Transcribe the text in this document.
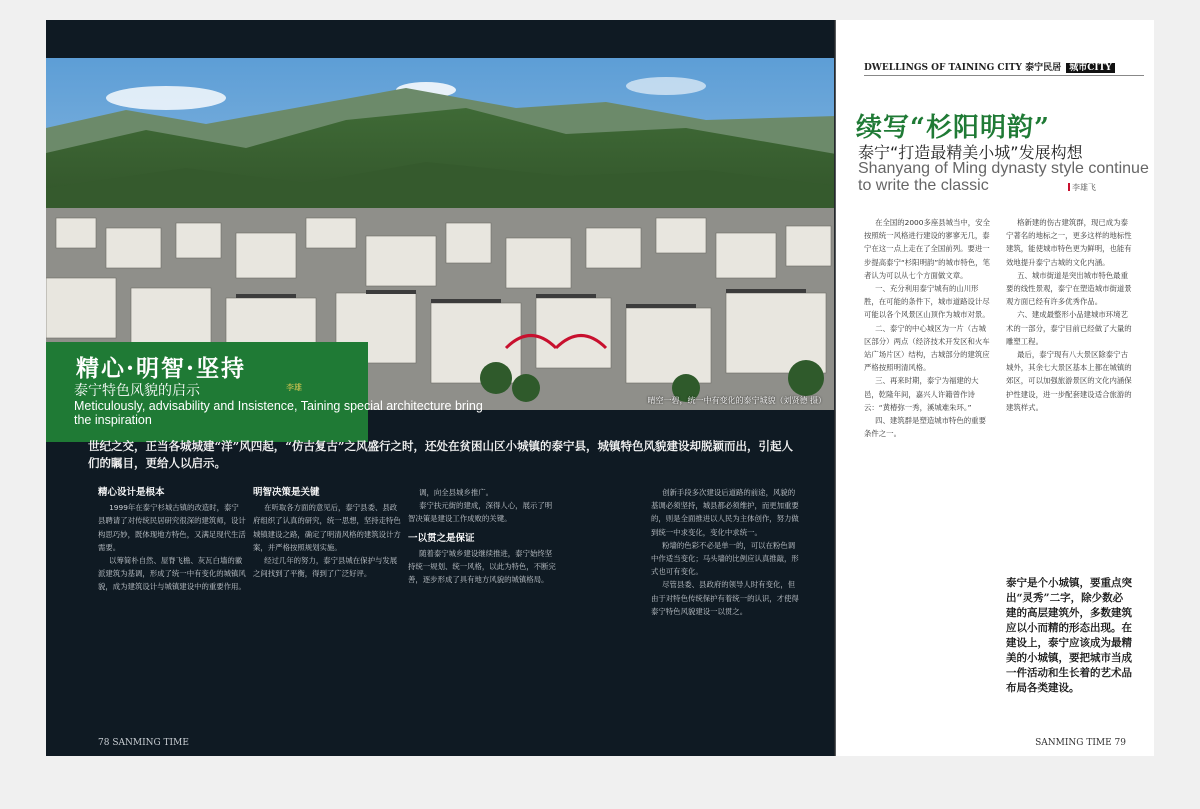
晴空一碧，统一中有变化的泰宁城貌（刘贤德 摄）
精心·明智·坚持
泰宁特色风貌的启示	李雄
Meticulously, advisability and Insistence, Taining special architecture bring the inspiration
世纪之交，正当各城城建“洋”风四起，“仿古复古”之风盛行之时，还处在贫困山区小城镇的泰宁县，城镇特色风貌建设却脱颖而出，引起人们的瞩目，更给人以启示。
精心设计是根本

1999年在泰宁杉城古镇的改造时，泰宁县聘请了对传统民居研究很深的建筑师，设计构思巧妙，既体现地方特色，又满足现代生活需要。

以筹简朴自然、屋脊飞檐、灰瓦白墙的徽派建筑为基调，形成了统一中有变化的城镇风貌，成为建筑设计与城镇建设中的重要作用。

明智决策是关键

在听取各方面的意见后，泰宁县委、县政府组织了认真的研究，统一思想，坚持走特色城镇建设之路，确定了明清风格的建筑设计方案，并严格按照规划实施。

经过几年的努力，泰宁县城在保护与发展之间找到了平衡，得到了广泛好评。

调，向全县城乡推广。

泰宁扶元街的建成，深得人心，展示了明智决策是建设工作成败的关键。

一以贯之是保证

随着泰宁城乡建设继续推进，泰宁始终坚持统一规划、统一风格，以此为特色，不断完善，逐步形成了具有地方风貌的城镇格局。

创新手段多次建设后道路的前途，风貌的基调必须坚持，城县都必须维护，而更加重要的，则是全面推进以人民为主体创作，努力做到统一中求变化，变化中求统一。

粉墙的色彩不必是单一的，可以在粉色调中作适当变化；马头墙的比例应认真推敲，形式也可有变化。

尽管县委、县政府的领导人时有变化，但由于对特色传统保护有着统一的认识，才使得泰宁特色风貌建设一以贯之。

78 SANMING TIME
DWELLINGS OF TAINING CITY 泰宁民居 城市CITY
续写“杉阳明韵”
泰宁“打造最精美小城”发展构想
Shanyang of Ming dynasty style continue to write the classic	李雄飞

在全国的2000多座县城当中，安全按照统一风格进行建设的寥寥无几，泰宁在这一点上走在了全国前列。要进一步提高泰宁“杉阳明韵”的城市特色，笔者认为可以从七个方面做文章。

一、充分利用泰宁城有的山川形胜，在可能的条件下，城市道路设计尽可能以各个风景区山顶作为城市对景。

二、泰宁的中心城区为一片（古城区部分）两点（经济技术开发区和火车站广场片区）结构，古城部分的建筑应严格按照明清风格。

三、再来时期，泰宁为福建的大邑，乾隆年间，嘉兴人许籍曾作诗云：“黄椿弥一秀，溪城难朱环。”

四、建筑群是塑造城市特色的重要条件之一。

格新建的伤古建筑群，现已成为泰宁著名的地标之一，更多这样的地标性建筑，能使城市特色更为鲜明，也能有效地提升泰宁古城的文化内涵。

五、城市街道是突出城市特色最重要的线性景观，泰宁在塑造城市街道景观方面已经有许多优秀作品。

六、建成最整形小品建城市环境艺术的一部分，泰宁目前已经做了大量的雕塑工程。

最后，泰宁现有八大景区除泰宁古城外，其余七大景区基本上都在城镇的郊区，可以加强旅游景区的文化内涵保护性建设，进一步配套建设适合旅游的建筑样式。

泰宁是个小城镇，要重点突出“灵秀”二字，除少数必建的高层建筑外，多数建筑应以小而精的形态出现。在建设上，泰宁应该成为最精美的小城镇，要把城市当成一件活动和生长着的艺术品布局各类建设。
SANMING TIME 79
